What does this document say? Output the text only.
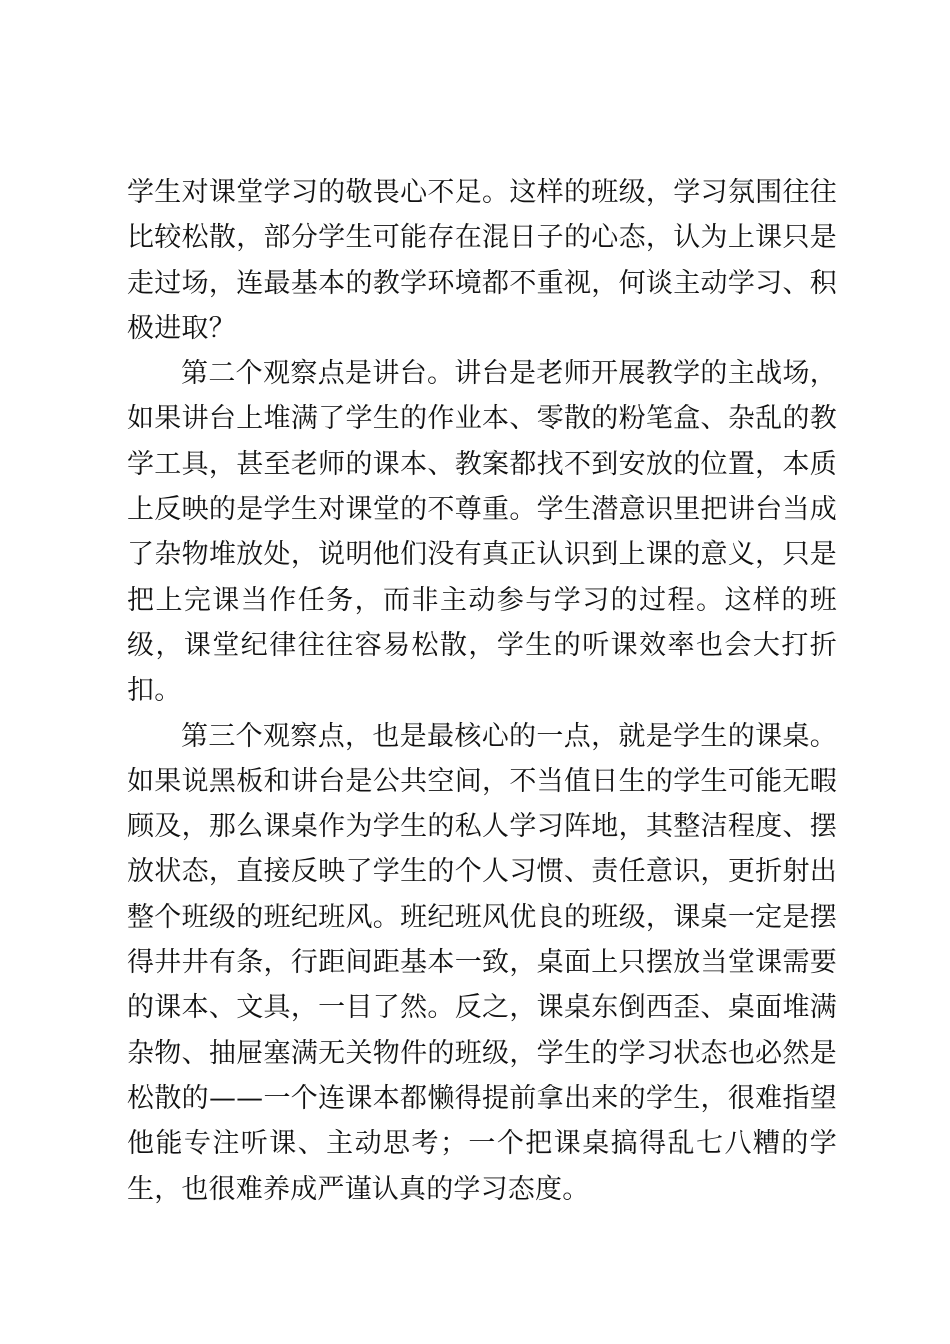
学生对课堂学习的敬畏心不足。这样的班级，学习氛围往往比较松散，部分学生可能存在混日子的心态，认为上课只是走过场，连最基本的教学环境都不重视，何谈主动学习、积极进取？

第二个观察点是讲台。讲台是老师开展教学的主战场，如果讲台上堆满了学生的作业本、零散的粉笔盒、杂乱的教学工具，甚至老师的课本、教案都找不到安放的位置，本质上反映的是学生对课堂的不尊重。学生潜意识里把讲台当成了杂物堆放处，说明他们没有真正认识到上课的意义，只是把上完课当作任务，而非主动参与学习的过程。这样的班级，课堂纪律往往容易松散，学生的听课效率也会大打折扣。

第三个观察点，也是最核心的一点，就是学生的课桌。如果说黑板和讲台是公共空间，不当值日生的学生可能无暇顾及，那么课桌作为学生的私人学习阵地，其整洁程度、摆放状态，直接反映了学生的个人习惯、责任意识，更折射出整个班级的班纪班风。班纪班风优良的班级，课桌一定是摆得井井有条，行距间距基本一致，桌面上只摆放当堂课需要的课本、文具，一目了然。反之，课桌东倒西歪、桌面堆满杂物、抽屉塞满无关物件的班级，学生的学习状态也必然是松散的——一个连课本都懒得提前拿出来的学生，很难指望他能专注听课、主动思考；一个把课桌搞得乱七八糟的学生，也很难养成严谨认真的学习态度。
